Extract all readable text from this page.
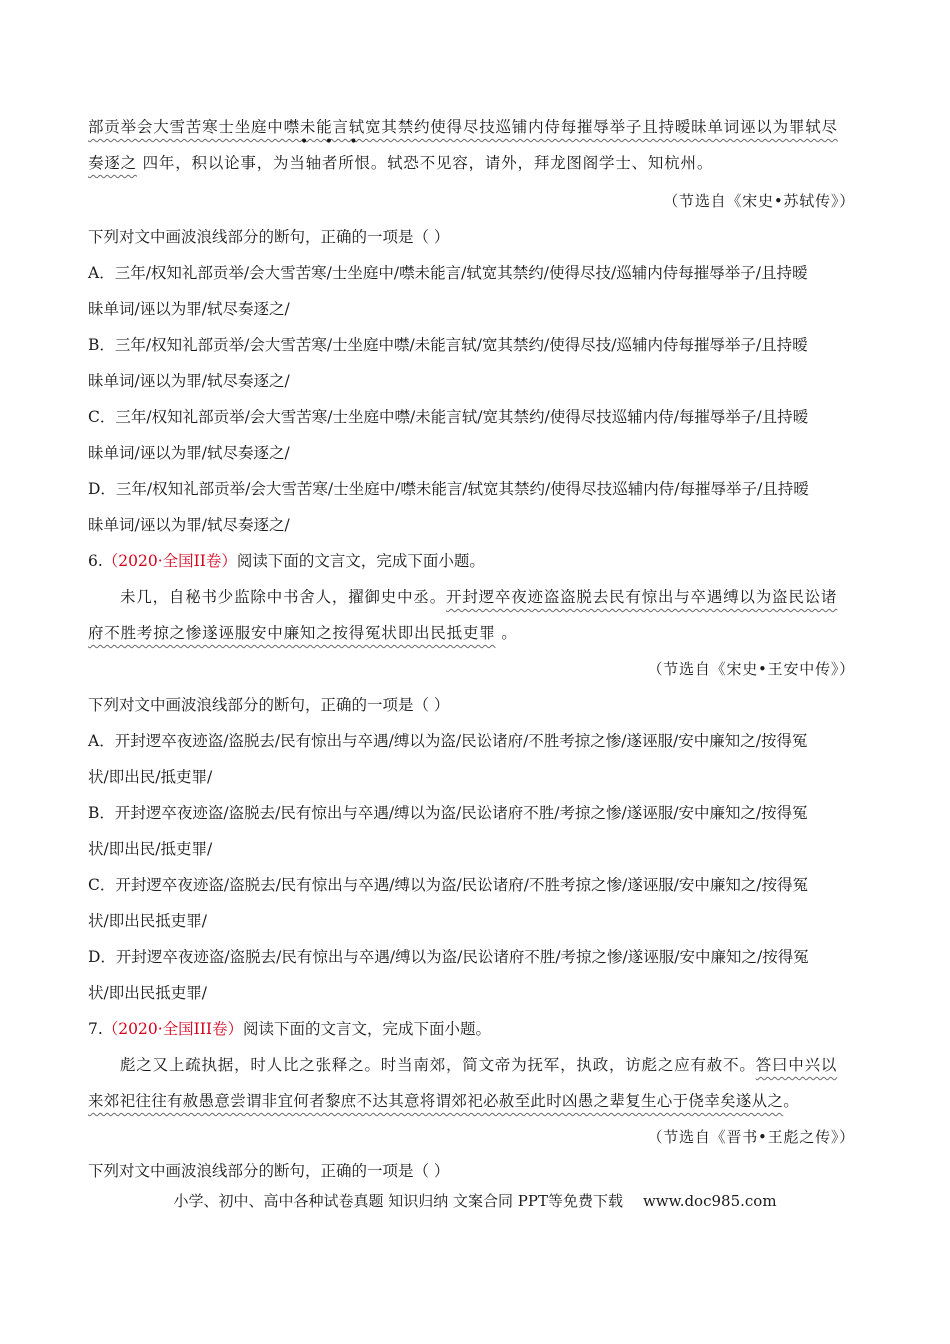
部贡举会大雪苦寒士坐庭中噤未能言轼宽其禁约使得尽技巡铺内侍每摧辱举子且持暧昧单词诬以为罪轼尽
• • •
奏逐之 四年，积以论事，为当轴者所恨。轼恐不见容，请外，拜龙图阁学士、知杭州。
（节选自《宋史•苏轼传》）
下列对文中画波浪线部分的断句，正确的一项是（ ）
A．三年/权知礼部贡举/会大雪苦寒/士坐庭中/噤未能言/轼宽其禁约/使得尽技/巡辅内侍每摧辱举子/且持暧
昧单词/诬以为罪/轼尽奏逐之/
B．三年/权知礼部贡举/会大雪苦寒/士坐庭中噤/未能言轼/宽其禁约/使得尽技/巡辅内侍每摧辱举子/且持暧
昧单词/诬以为罪/轼尽奏逐之/
C．三年/权知礼部贡举/会大雪苦寒/士坐庭中噤/未能言轼/宽其禁约/使得尽技巡辅内侍/每摧辱举子/且持暧
昧单词/诬以为罪/轼尽奏逐之/
D．三年/权知礼部贡举/会大雪苦寒/士坐庭中/噤未能言/轼宽其禁约/使得尽技巡辅内侍/每摧辱举子/且持暧
昧单词/诬以为罪/轼尽奏逐之/
6.（2020·全国II卷）阅读下面的文言文，完成下面小题。
未几，自秘书少监除中书舍人，擢御史中丞。开封逻卒夜迹盗盗脱去民有惊出与卒遇缚以为盗民讼诸
府不胜考掠之惨遂诬服安中廉知之按得冤状即出民抵吏罪 。
（节选自《宋史•王安中传》）
下列对文中画波浪线部分的断句，正确的一项是（ ）
A．开封逻卒夜迹盗/盗脱去/民有惊出与卒遇/缚以为盗/民讼诸府/不胜考掠之惨/遂诬服/安中廉知之/按得冤
状/即出民/抵吏罪/
B．开封逻卒夜迹盗/盗脱去/民有惊出与卒遇/缚以为盗/民讼诸府不胜/考掠之惨/遂诬服/安中廉知之/按得冤
状/即出民/抵吏罪/
C．开封逻卒夜迹盗/盗脱去/民有惊出与卒遇/缚以为盗/民讼诸府/不胜考掠之惨/遂诬服/安中廉知之/按得冤
状/即出民抵吏罪/
D．开封逻卒夜迹盗/盗脱去/民有惊出与卒遇/缚以为盗/民讼诸府不胜/考掠之惨/遂诬服/安中廉知之/按得冤
状/即出民抵吏罪/
7.（2020·全国III卷）阅读下面的文言文，完成下面小题。
彪之又上疏执据，时人比之张释之。时当南郊，简文帝为抚军，执政，访彪之应有赦不。答曰中兴以
来郊祀往往有赦愚意尝谓非宜何者黎庶不达其意将谓郊祀必赦至此时凶愚之辈复生心于侥幸矣遂从之。
（节选自《晋书•王彪之传》）
下列对文中画波浪线部分的断句，正确的一项是（ ）
小学、初中、高中各种试卷真题 知识归纳 文案合同 PPT等免费下载 www.doc985.com
